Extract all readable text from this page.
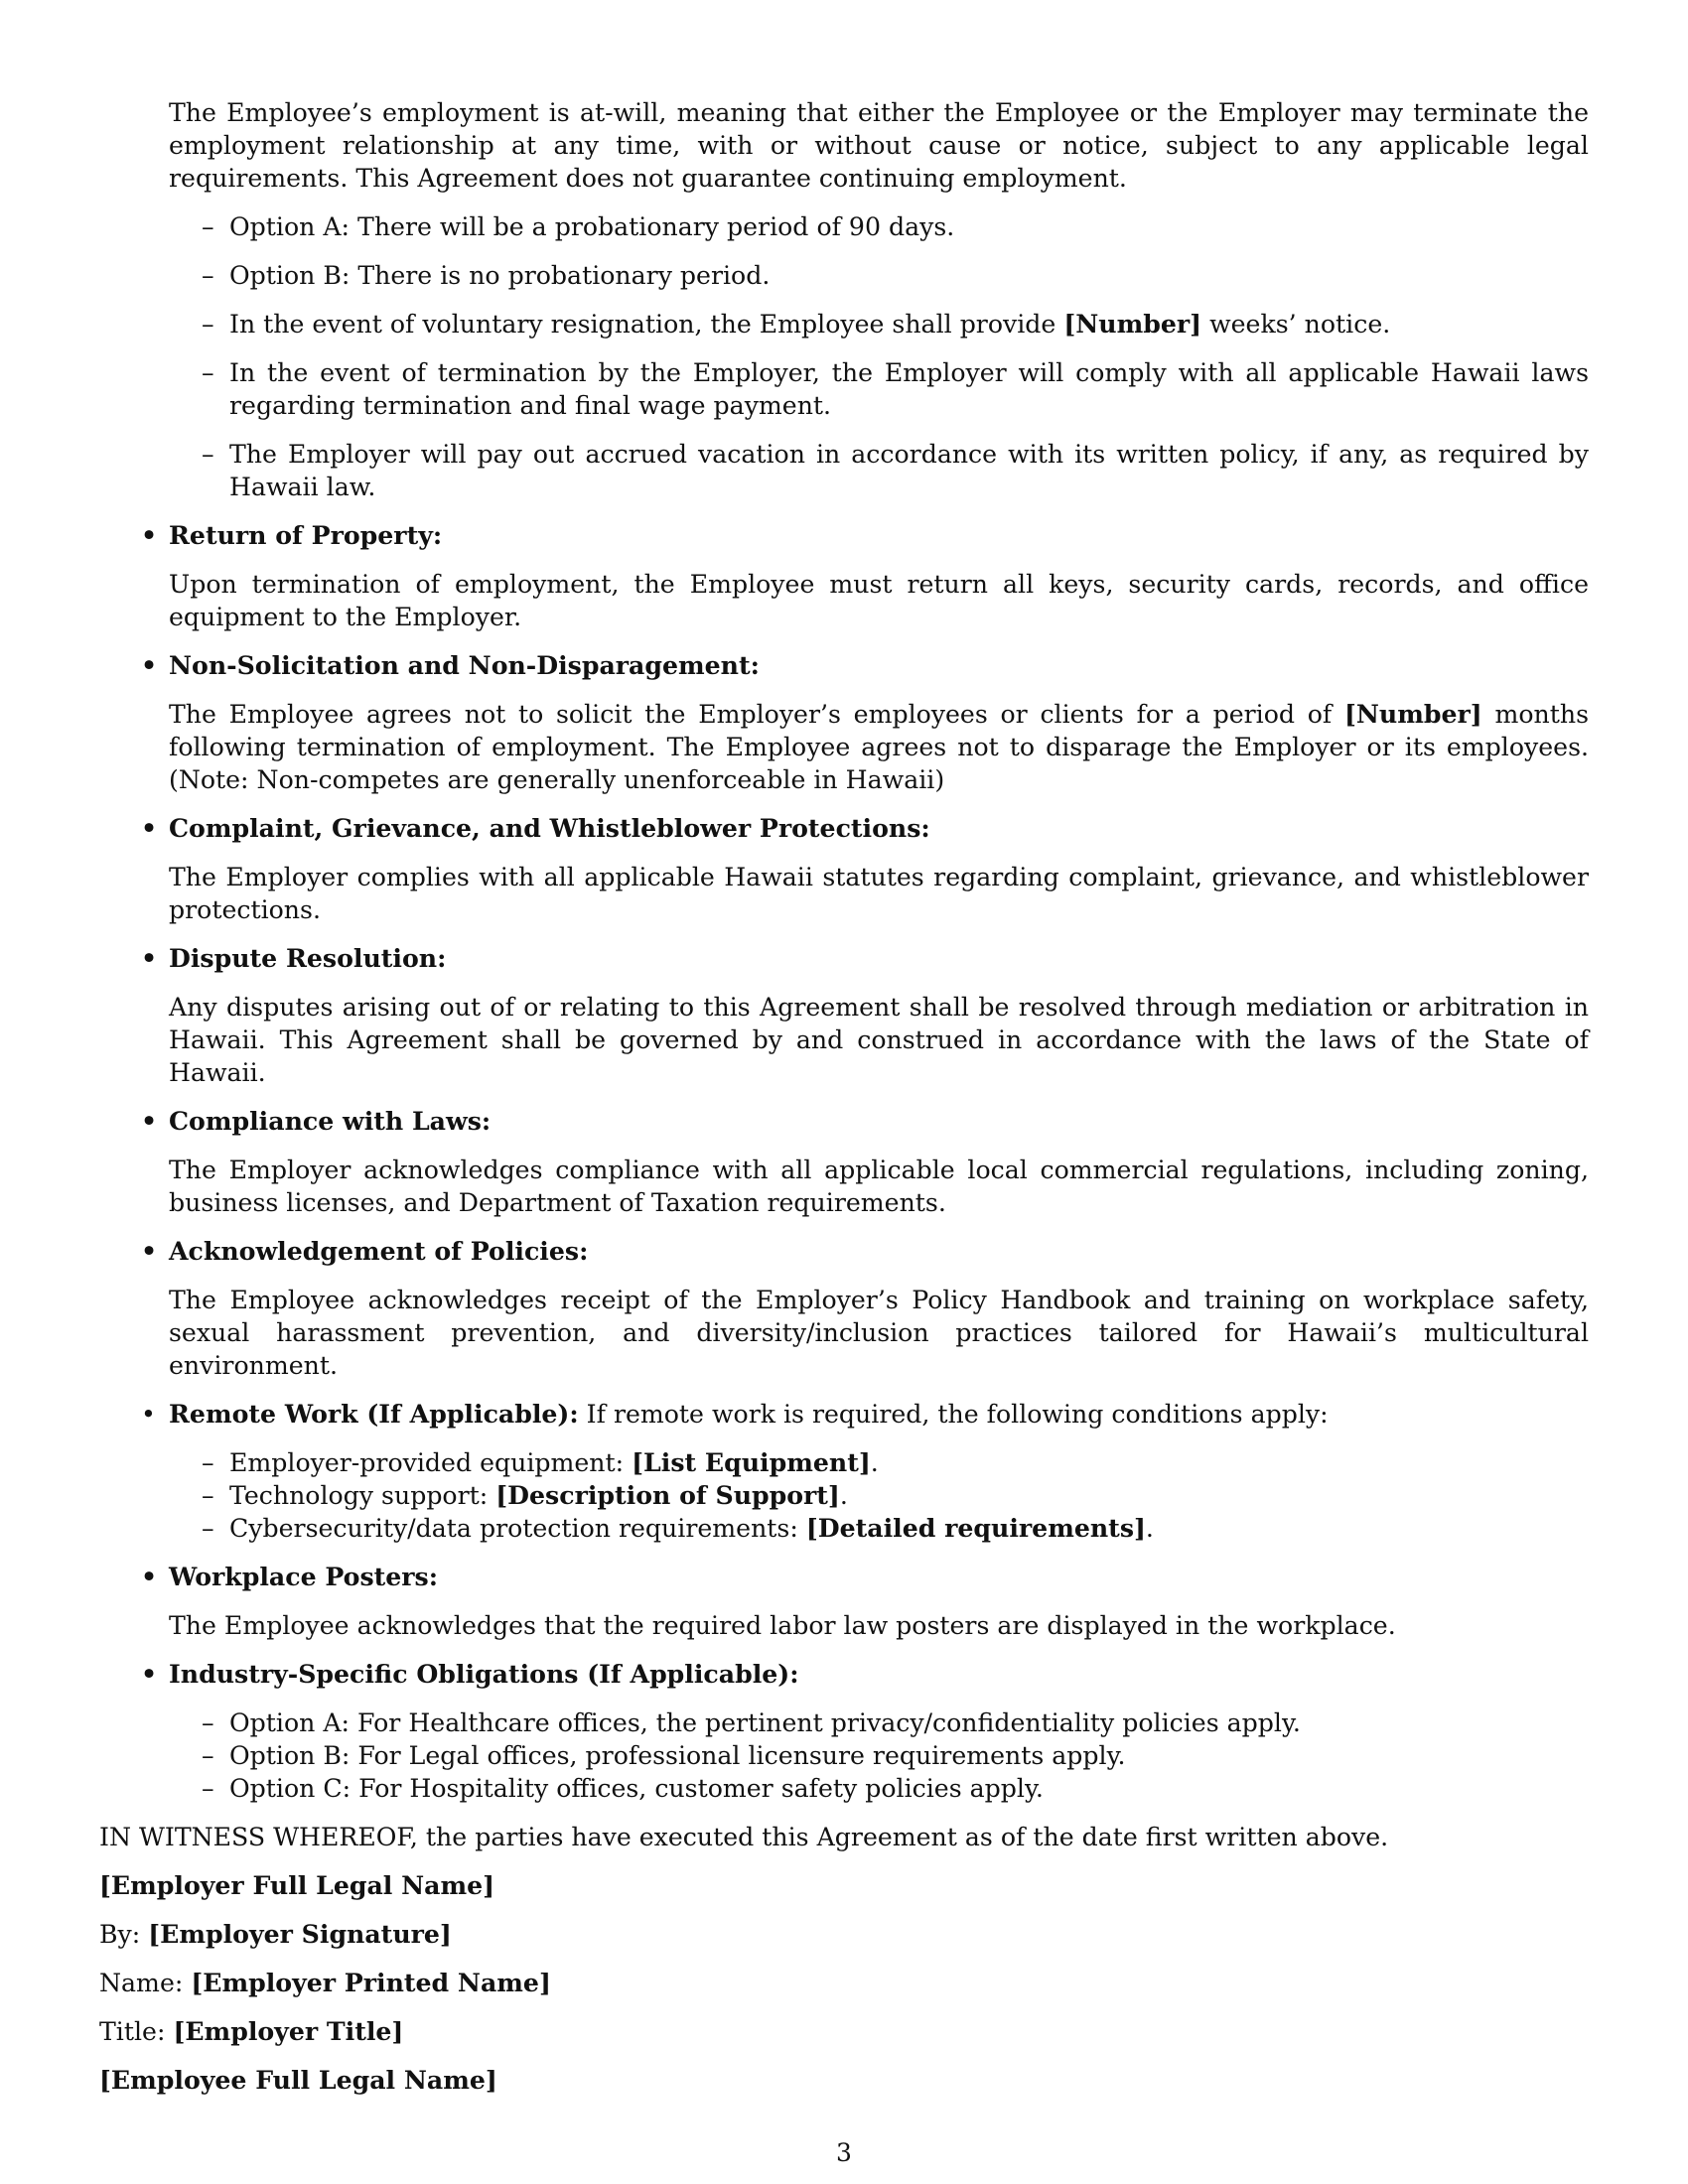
The Employee’s employment is at-will, meaning that either the Employee or the Employer may terminate the employment relationship at any time, with or without cause or notice, subject to any applicable legal requirements. This Agreement does not guarantee continuing employment.

– Option A: There will be a probationary period of 90 days.

– Option B: There is no probationary period.

– In the event of voluntary resignation, the Employee shall provide [Number] weeks’ notice.

– In the event of termination by the Employer, the Employer will comply with all applicable Hawaii laws regarding termination and final wage payment.

– The Employer will pay out accrued vacation in accordance with its written policy, if any, as required by Hawaii law.

• Return of Property:

Upon termination of employment, the Employee must return all keys, security cards, records, and office equipment to the Employer.

• Non-Solicitation and Non-Disparagement:

The Employee agrees not to solicit the Employer’s employees or clients for a period of [Number] months following termination of employment. The Employee agrees not to disparage the Employer or its employees. (Note: Non-competes are generally unenforceable in Hawaii)

• Complaint, Grievance, and Whistleblower Protections:

The Employer complies with all applicable Hawaii statutes regarding complaint, grievance, and whistleblower protections.

• Dispute Resolution:

Any disputes arising out of or relating to this Agreement shall be resolved through mediation or arbitration in Hawaii. This Agreement shall be governed by and construed in accordance with the laws of the State of Hawaii.

• Compliance with Laws:

The Employer acknowledges compliance with all applicable local commercial regulations, including zoning, business licenses, and Department of Taxation requirements.

• Acknowledgement of Policies:

The Employee acknowledges receipt of the Employer’s Policy Handbook and training on workplace safety, sexual harassment prevention, and diversity/inclusion practices tailored for Hawaii’s multicultural environment.

• Remote Work (If Applicable): If remote work is required, the following conditions apply:

– Employer-provided equipment: [List Equipment].

– Technology support: [Description of Support].

– Cybersecurity/data protection requirements: [Detailed requirements].

• Workplace Posters:

The Employee acknowledges that the required labor law posters are displayed in the workplace.

• Industry-Specific Obligations (If Applicable):

– Option A: For Healthcare offices, the pertinent privacy/confidentiality policies apply.

– Option B: For Legal offices, professional licensure requirements apply.

– Option C: For Hospitality offices, customer safety policies apply.

IN WITNESS WHEREOF, the parties have executed this Agreement as of the date first written above.

[Employer Full Legal Name]

By: [Employer Signature]

Name: [Employer Printed Name]

Title: [Employer Title]

[Employee Full Legal Name]

3
